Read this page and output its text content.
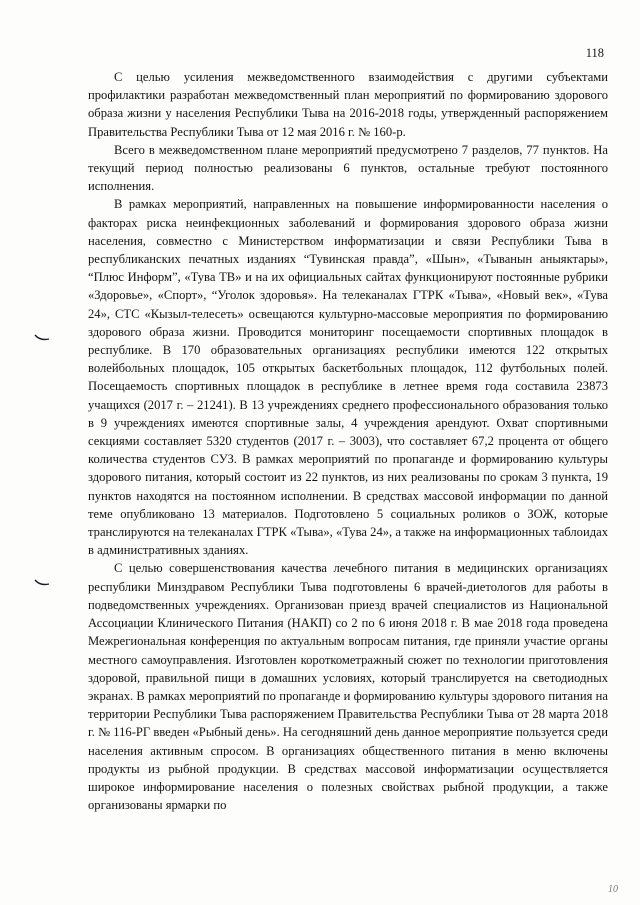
118

С целью усиления межведомственного взаимодействия с другими субъектами профилактики разработан межведомственный план мероприятий по формированию здорового образа жизни у населения Республики Тыва на 2016-2018 годы, утвержденный распоряжением Правительства Республики Тыва от 12 мая 2016 г. № 160-р.

Всего в межведомственном плане мероприятий предусмотрено 7 разделов, 77 пунктов. На текущий период полностью реализованы 6 пунктов, остальные требуют постоянного исполнения.

В рамках мероприятий, направленных на повышение информированности населения о факторах риска неинфекционных заболеваний и формирования здорового образа жизни населения, совместно с Министерством информатизации и связи Республики Тыва в республиканских печатных изданиях “Тувинская правда”, «Шын», «Тыванын аныяктары», “Плюс Информ”, «Тува ТВ» и на их официальных сайтах функционируют постоянные рубрики «Здоровье», «Спорт», “Уголок здоровья». На телеканалах ГТРК «Тыва», «Новый век», «Тува 24», СТС «Кызыл-телесеть» освещаются культурно-массовые мероприятия по формированию здорового образа жизни. Проводится мониторинг посещаемости спортивных площадок в республике. В 170 образовательных организациях республики имеются 122 открытых волейбольных площадок, 105 открытых баскетбольных площадок, 112 футбольных полей. Посещаемость спортивных площадок в республике в летнее время года составила 23873 учащихся (2017 г. – 21241). В 13 учреждениях среднего профессионального образования только в 9 учреждениях имеются спортивные залы, 4 учреждения арендуют. Охват спортивными секциями составляет 5320 студентов (2017 г. – 3003), что составляет 67,2 процента от общего количества студентов СУЗ. В рамках мероприятий по пропаганде и формированию культуры здорового питания, который состоит из 22 пунктов, из них реализованы по срокам 3 пункта, 19 пунктов находятся на постоянном исполнении. В средствах массовой информации по данной теме опубликовано 13 материалов. Подготовлено 5 социальных роликов о ЗОЖ, которые транслируются на телеканалах ГТРК «Тыва», «Тува 24», а также на информационных таблоидах в административных зданиях.

С целью совершенствования качества лечебного питания в медицинских организациях республики Минздравом Республики Тыва подготовлены 6 врачей-диетологов для работы в подведомственных учреждениях. Организован приезд врачей специалистов из Национальной Ассоциации Клинического Питания (НАКП) со 2 по 6 июня 2018 г. В мае 2018 года проведена Межрегиональная конференция по актуальным вопросам питания, где приняли участие органы местного самоуправления. Изготовлен короткометражный сюжет по технологии приготовления здоровой, правильной пищи в домашних условиях, который транслируется на светодиодных экранах. В рамках мероприятий по пропаганде и формированию культуры здорового питания на территории Республики Тыва распоряжением Правительства Республики Тыва от 28 марта 2018 г. № 116-РГ введен «Рыбный день». На сегодняшний день данное мероприятие пользуется среди населения активным спросом. В организациях общественного питания в меню включены продукты из рыбной продукции. В средствах массовой информатизации осуществляется широкое информирование населения о полезных свойствах рыбной продукции, а также организованы ярмарки по

10
